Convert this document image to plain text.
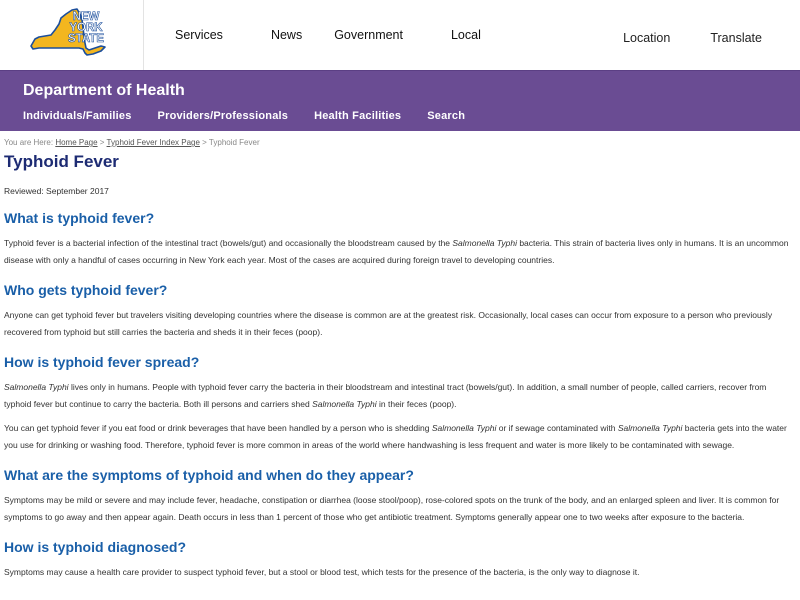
NEW
YORK
STATE	Services	News	Government	Local	Location	Translate
Department of Health
Individuals/Families Providers/Professionals Health Facilities Search
You are Here: Home Page > Typhoid Fever Index Page > Typhoid Fever
Typhoid Fever
Reviewed: September 2017
What is typhoid fever?

Typhoid fever is a bacterial infection of the intestinal tract (bowels/gut) and occasionally the bloodstream caused by the Salmonella Typhi bacteria. This strain of bacteria lives only in humans. It is an uncommon disease with only a handful of cases occurring in New York each year. Most of the cases are acquired during foreign travel to developing countries.

Who gets typhoid fever?

Anyone can get typhoid fever but travelers visiting developing countries where the disease is common are at the greatest risk. Occasionally, local cases can occur from exposure to a person who previously recovered from typhoid but still carries the bacteria and sheds it in their feces (poop).

How is typhoid fever spread?

Salmonella Typhi lives only in humans. People with typhoid fever carry the bacteria in their bloodstream and intestinal tract (bowels/gut). In addition, a small number of people, called carriers, recover from typhoid fever but continue to carry the bacteria. Both ill persons and carriers shed Salmonella Typhi in their feces (poop).

You can get typhoid fever if you eat food or drink beverages that have been handled by a person who is shedding Salmonella Typhi or if sewage contaminated with Salmonella Typhi bacteria gets into the water you use for drinking or washing food. Therefore, typhoid fever is more common in areas of the world where handwashing is less frequent and water is more likely to be contaminated with sewage.

What are the symptoms of typhoid and when do they appear?

Symptoms may be mild or severe and may include fever, headache, constipation or diarrhea (loose stool/poop), rose-colored spots on the trunk of the body, and an enlarged spleen and liver. It is common for symptoms to go away and then appear again. Death occurs in less than 1 percent of those who get antibiotic treatment. Symptoms generally appear one to two weeks after exposure to the bacteria.

How is typhoid diagnosed?

Symptoms may cause a health care provider to suspect typhoid fever, but a stool or blood test, which tests for the presence of the bacteria, is the only way to diagnose it.
